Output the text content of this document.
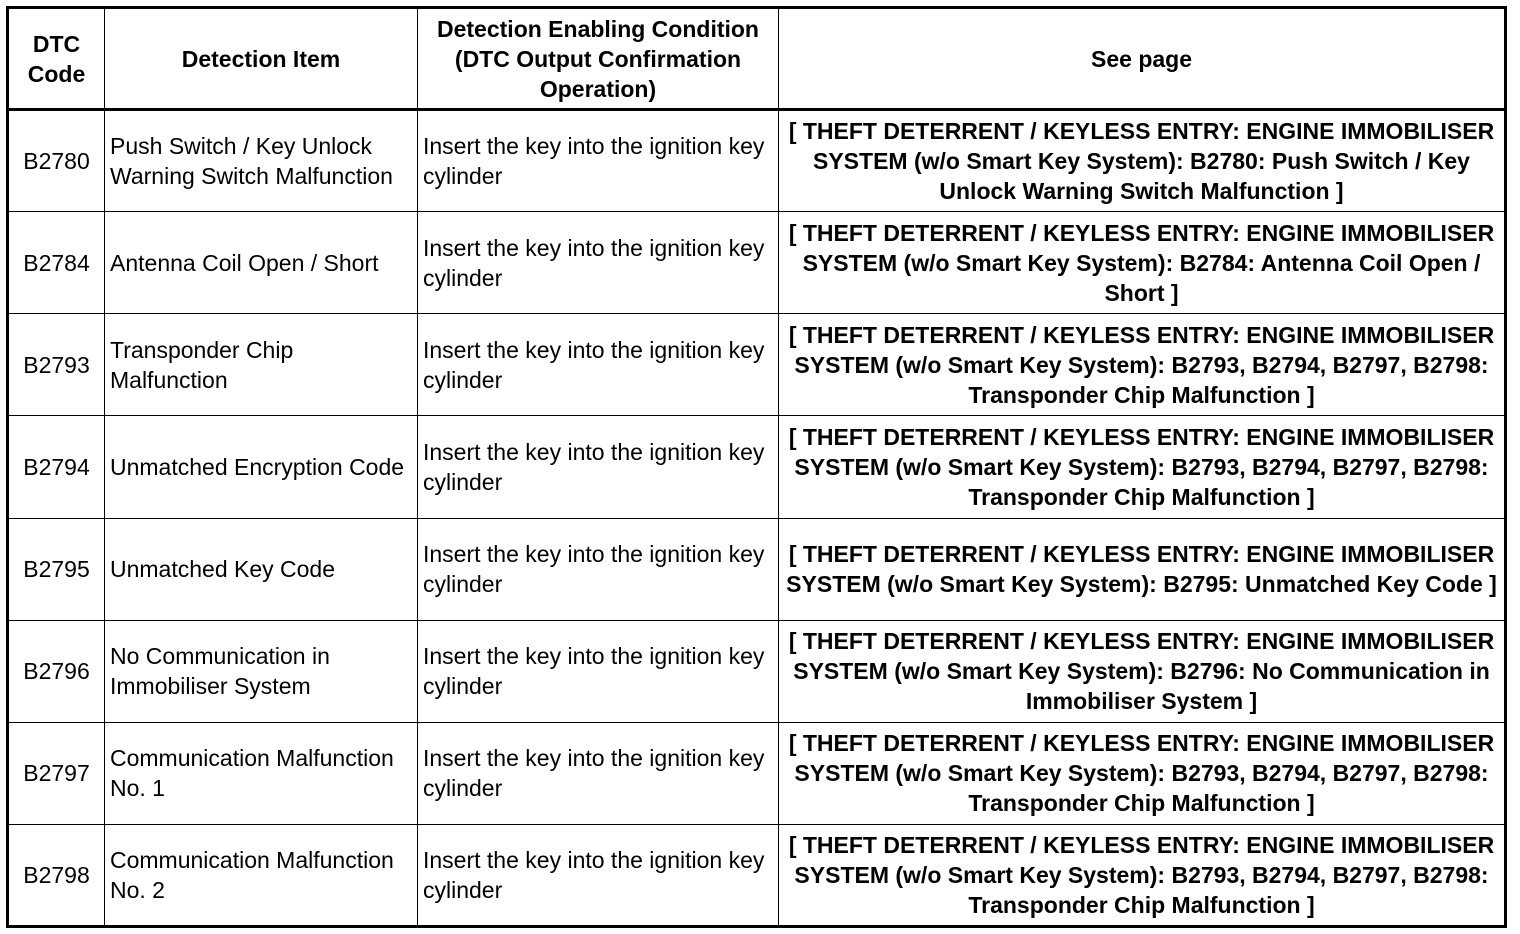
DTC Code	Detection Item	Detection Enabling Condition (DTC Output Confirmation Operation)	See page
B2780	Push Switch / Key Unlock Warning Switch Malfunction	Insert the key into the ignition key cylinder	[ THEFT DETERRENT / KEYLESS ENTRY: ENGINE IMMOBILISER SYSTEM (w/o Smart Key System): B2780: Push Switch / Key Unlock Warning Switch Malfunction ]
B2784	Antenna Coil Open / Short	Insert the key into the ignition key cylinder	[ THEFT DETERRENT / KEYLESS ENTRY: ENGINE IMMOBILISER SYSTEM (w/o Smart Key System): B2784: Antenna Coil Open / Short ]
B2793	Transponder Chip Malfunction	Insert the key into the ignition key cylinder	[ THEFT DETERRENT / KEYLESS ENTRY: ENGINE IMMOBILISER SYSTEM (w/o Smart Key System): B2793, B2794, B2797, B2798: Transponder Chip Malfunction ]
B2794	Unmatched Encryption Code	Insert the key into the ignition key cylinder	[ THEFT DETERRENT / KEYLESS ENTRY: ENGINE IMMOBILISER SYSTEM (w/o Smart Key System): B2793, B2794, B2797, B2798: Transponder Chip Malfunction ]
B2795	Unmatched Key Code	Insert the key into the ignition key cylinder	[ THEFT DETERRENT / KEYLESS ENTRY: ENGINE IMMOBILISER SYSTEM (w/o Smart Key System): B2795: Unmatched Key Code ]
B2796	No Communication in Immobiliser System	Insert the key into the ignition key cylinder	[ THEFT DETERRENT / KEYLESS ENTRY: ENGINE IMMOBILISER SYSTEM (w/o Smart Key System): B2796: No Communication in Immobiliser System ]
B2797	Communication Malfunction No. 1	Insert the key into the ignition key cylinder	[ THEFT DETERRENT / KEYLESS ENTRY: ENGINE IMMOBILISER SYSTEM (w/o Smart Key System): B2793, B2794, B2797, B2798: Transponder Chip Malfunction ]
B2798	Communication Malfunction No. 2	Insert the key into the ignition key cylinder	[ THEFT DETERRENT / KEYLESS ENTRY: ENGINE IMMOBILISER SYSTEM (w/o Smart Key System): B2793, B2794, B2797, B2798: Transponder Chip Malfunction ]
